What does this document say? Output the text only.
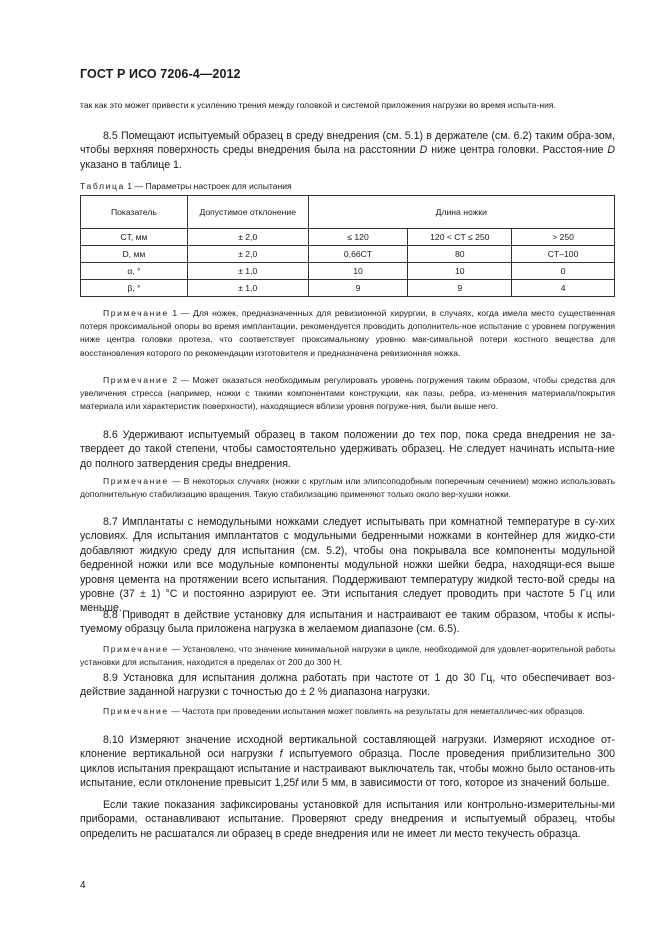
ГОСТ Р ИСО 7206-4—2012
так как это может привести к усилению трения между головкой и системой приложения нагрузки во время испыта-ния.
8.5 Помещают испытуемый образец в среду внедрения (см. 5.1) в держателе (см. 6.2) таким обра-зом, чтобы верхняя поверхность среды внедрения была на расстоянии D ниже центра головки. Расстоя-ние D указано в таблице 1.
Таблица 1 — Параметры настроек для испытания
Показатель	Допустимое отклонение	Длина ножки		
CT, мм	± 2,0	≤ 120	120 < CT ≤ 250	> 250
D, мм	± 2,0	0,66CT	80	CT–100
α, °	± 1,0	10	10	0
β, °	± 1,0	9	9	4
Примечание 1 — Для ножек, предназначенных для ревизионной хирургии, в случаях, когда имела место существенная потеря проксимальной опоры во время имплантации, рекомендуется проводить дополнитель-ное испытание с уровнем погружения ниже центра головки протеза, что соответствует проксимальному уровню мак-симальной потери костного вещества для восстановления которого по рекомендации изготовителя и предназначена ревизионная ножка.
Примечание 2 — Может оказаться необходимым регулировать уровень погружения таким образом, чтобы средства для увеличения стресса (например, ножки с такими компонентами конструкции, как пазы, ребра, из-менения материала/покрытия материала или характеристик поверхности), находящиеся вблизи уровня погруже-ния, были выше него.
8.6 Удерживают испытуемый образец в таком положении до тех пор, пока среда внедрения не за-твердеет до такой степени, чтобы самостоятельно удерживать образец. Не следует начинать испыта-ние до полного затвердения среды внедрения.
Примечание — В некоторых случаях (ножки с круглым или элипсоподобным поперечным сечением) можно использовать дополнительную стабилизацию вращения. Такую стабилизацию применяют только около вер-хушки ножки.
8.7 Имплантаты с немодульными ножками следует испытывать при комнатной температуре в су-хих условиях. Для испытания имплантатов с модульными бедренными ножками в контейнер для жидко-сти добавляют жидкую среду для испытания (см. 5.2), чтобы она покрывала все компоненты модульной бедренной ножки или все модульные компоненты модульной ножки шейки бедра, находящи-еся выше уровня цемента на протяжении всего испытания. Поддерживают температуру жидкой тесто-вой среды на уровне (37 ± 1) °С и постоянно аэрируют ее. Эти испытания следует проводить при частоте 5 Гц или меньше.
8.8 Приводят в действие установку для испытания и настраивают ее таким образом, чтобы к испы-туемому образцу была приложена нагрузка в желаемом диапазоне (см. 6.5).
Примечание — Установлено, что значение минимальной нагрузки в цикле, необходимой для удовлет-ворительной работы установки для испытания, находится в пределах от 200 до 300 Н.
8.9 Установка для испытания должна работать при частоте от 1 до 30 Гц, что обеспечивает воз-действие заданной нагрузки с точностью до ± 2 % диапазона нагрузки.
Примечание — Частота при проведении испытания может повлиять на результаты для неметалличес-ких образцов.
8.10 Измеряют значение исходной вертикальной составляющей нагрузки. Измеряют исходное от-клонение вертикальной оси нагрузки f испытуемого образца. После проведения приблизительно 300 циклов испытания прекращают испытание и настраивают выключатель так, чтобы можно было останов-ить испытание, если отклонение превысит 1,25f или 5 мм, в зависимости от того, которое из значений больше.
Если такие показания зафиксированы установкой для испытания или контрольно-измерительны-ми приборами, останавливают испытание. Проверяют среду внедрения и испытуемый образец, чтобы определить не расшатался ли образец в среде внедрения или не имеет ли место текучесть образца.
4
